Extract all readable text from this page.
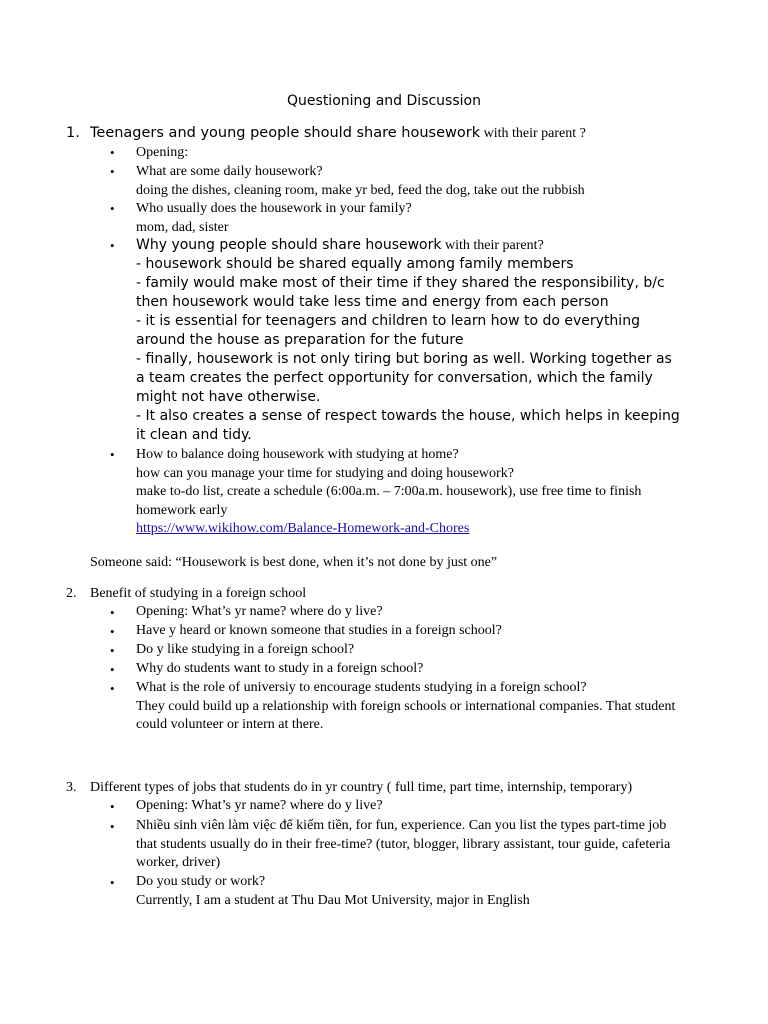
Questioning and Discussion
1. Teenagers and young people should share housework with their parent ?
• Opening:
• What are some daily housework?
doing the dishes, cleaning room, make yr bed, feed the dog, take out the rubbish
• Who usually does the housework in your family?
mom, dad, sister
• Why young people should share housework with their parent?
- housework should be shared equally among family members
- family would make most of their time if they shared the responsibility, b/c
then housework would take less time and energy from each person
- it is essential for teenagers and children to learn how to do everything
around the house as preparation for the future
- finally, housework is not only tiring but boring as well. Working together as
a team creates the perfect opportunity for conversation, which the family
might not have otherwise.
- It also creates a sense of respect towards the house, which helps in keeping
it clean and tidy.
• How to balance doing housework with studying at home?
how can you manage your time for studying and doing housework?
make to-do list, create a schedule (6:00a.m. – 7:00a.m. housework), use free time to finish
homework early
https://www.wikihow.com/Balance-Homework-and-Chores
Someone said: “Housework is best done, when it’s not done by just one”
2. Benefit of studying in a foreign school
• Opening: What’s yr name? where do y live?
• Have y heard or known someone that studies in a foreign school?
• Do y like studying in a foreign school?
• Why do students want to study in a foreign school?
• What is the role of universiy to encourage students studying in a foreign school?
They could build up a relationship with foreign schools or international companies. That student
could volunteer or intern at there.
3. Different types of jobs that students do in yr country ( full time, part time, internship, temporary)
• Opening: What’s yr name? where do y live?
• Nhiều sinh viên làm việc để kiếm tiền, for fun, experience. Can you list the types part-time job
that students usually do in their free-time? (tutor, blogger, library assistant, tour guide, cafeteria
worker, driver)
• Do you study or work?
Currently, I am a student at Thu Dau Mot University, major in English
